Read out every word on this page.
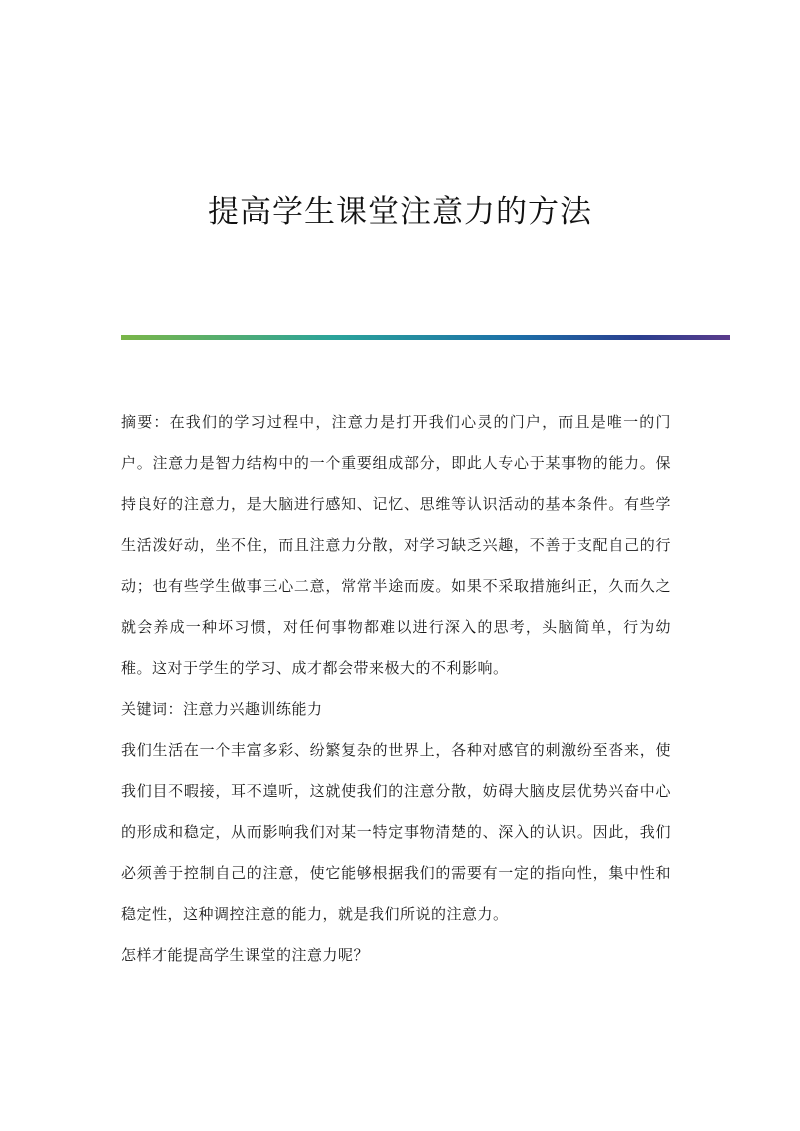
提高学生课堂注意力的方法

摘要：在我们的学习过程中，注意力是打开我们心灵的门户，而且是唯一的门户。注意力是智力结构中的一个重要组成部分，即此人专心于某事物的能力。保持良好的注意力，是大脑进行感知、记忆、思维等认识活动的基本条件。有些学生活泼好动，坐不住，而且注意力分散，对学习缺乏兴趣，不善于支配自己的行动；也有些学生做事三心二意，常常半途而废。如果不采取措施纠正，久而久之就会养成一种坏习惯，对任何事物都难以进行深入的思考，头脑简单，行为幼稚。这对于学生的学习、成才都会带来极大的不利影响。

关键词：注意力兴趣训练能力

我们生活在一个丰富多彩、纷繁复杂的世界上，各种对感官的刺激纷至沓来，使我们目不暇接，耳不遑听，这就使我们的注意分散，妨碍大脑皮层优势兴奋中心的形成和稳定，从而影响我们对某一特定事物清楚的、深入的认识。因此，我们必须善于控制自己的注意，使它能够根据我们的需要有一定的指向性，集中性和稳定性，这种调控注意的能力，就是我们所说的注意力。

怎样才能提高学生课堂的注意力呢？
